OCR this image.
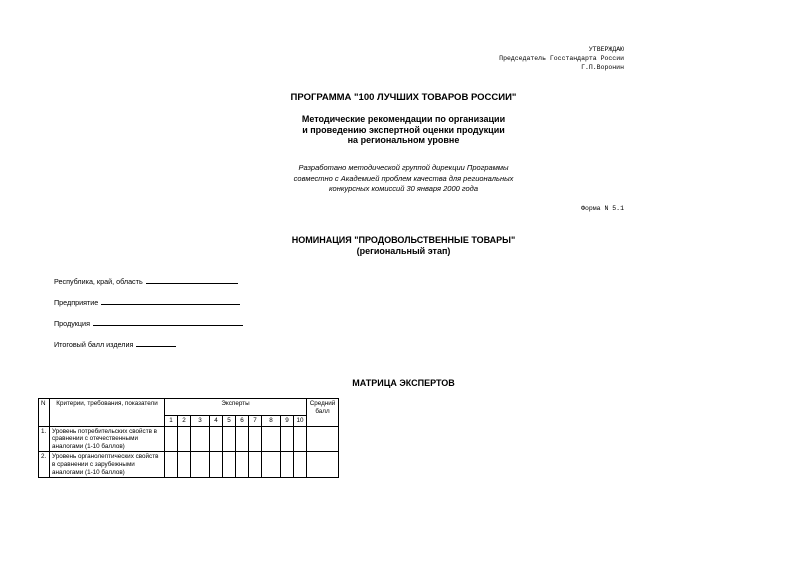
УТВЕРЖДАЮ
Председатель Госстандарта России
Г.П.Воронин
ПРОГРАММА "100 ЛУЧШИХ ТОВАРОВ РОССИИ"
Методические рекомендации по организации
и проведению экспертной оценки продукции
на региональном уровне
Разработано методической группой дирекции Программы
совместно с Академией проблем качества для региональных
конкурсных комиссий 30 января 2000 года
Форма N 5.1
НОМИНАЦИЯ "ПРОДОВОЛЬСТВЕННЫЕ ТОВАРЫ"
(региональный этап)
Республика, край, область
Предприятие
Продукция
Итоговый балл изделия
МАТРИЦА ЭКСПЕРТОВ
N	Критерии, требования, показатели	Эксперты										Средний балл
		1	2	3	4	5	6	7	8	9	10	
1.	Уровень потребительских свойств в сравнении с отечественными аналогами (1-10 баллов)											
2.	Уровень органолептических свойств в сравнении с зарубежными аналогами (1-10 баллов)											
